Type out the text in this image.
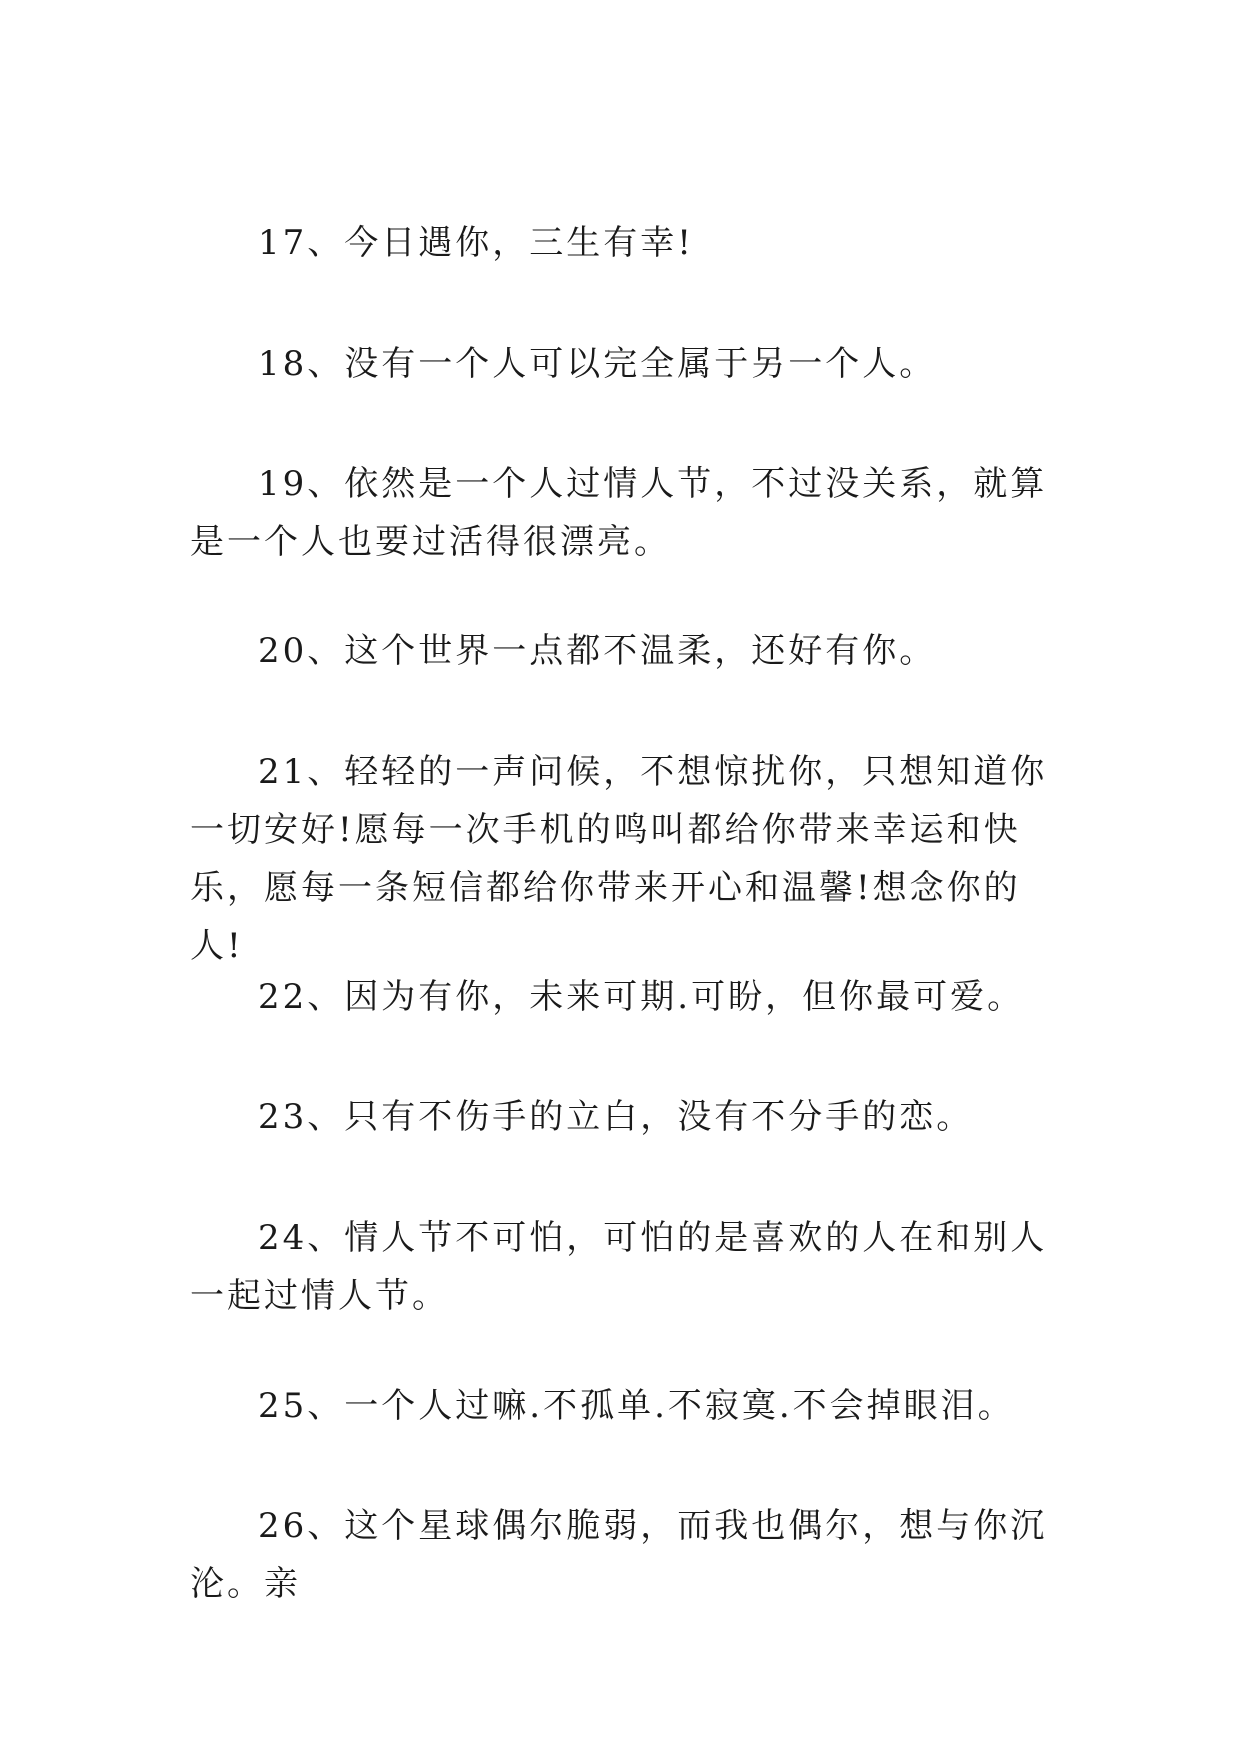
17、今日遇你，三生有幸!

18、没有一个人可以完全属于另一个人。

19、依然是一个人过情人节，不过没关系，就算是一个人也要过活得很漂亮。

20、这个世界一点都不温柔，还好有你。

21、轻轻的一声问候，不想惊扰你，只想知道你一切安好!愿每一次手机的鸣叫都给你带来幸运和快乐，愿每一条短信都给你带来开心和温馨!想念你的人!

22、因为有你，未来可期.可盼，但你最可爱。

23、只有不伤手的立白，没有不分手的恋。

24、情人节不可怕，可怕的是喜欢的人在和别人一起过情人节。

25、一个人过嘛.不孤单.不寂寞.不会掉眼泪。

26、这个星球偶尔脆弱，而我也偶尔，想与你沉沦。亲
